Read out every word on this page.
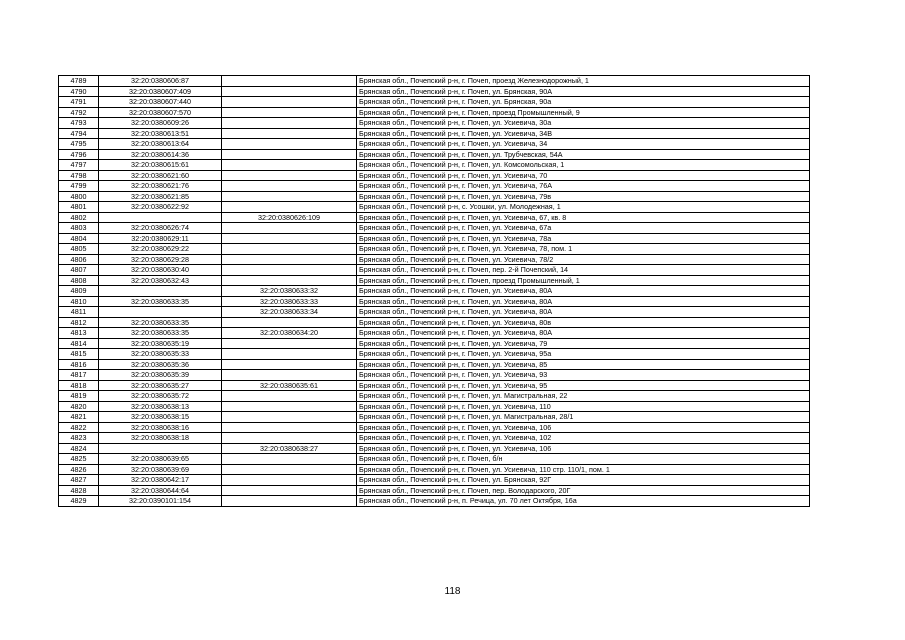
4789	32:20:0380606:87		Брянская обл., Почепский р-н, г. Почеп, проезд Железнодорожный, 1
4790	32:20:0380607:409		Брянская обл., Почепский р-н, г. Почеп, ул. Брянская, 90А
4791	32:20:0380607:440		Брянская обл., Почепский р-н, г. Почеп, ул. Брянская, 90а
4792	32:20:0380607:570		Брянская обл., Почепский р-н, г. Почеп, проезд Промышленный, 9
4793	32:20:0380609:26		Брянская обл., Почепский р-н, г. Почеп, ул. Усиевича, 30а
4794	32:20:0380613:51		Брянская обл., Почепский р-н, г. Почеп, ул. Усиевича, 34В
4795	32:20:0380613:64		Брянская обл., Почепский р-н, г. Почеп, ул. Усиевича, 34
4796	32:20:0380614:36		Брянская обл., Почепский р-н, г. Почеп, ул. Трубчевская, 54А
4797	32:20:0380615:61		Брянская обл., Почепский р-н, г. Почеп, ул. Комсомольская, 1
4798	32:20:0380621:60		Брянская обл., Почепский р-н, г. Почеп, ул. Усиевича, 70
4799	32:20:0380621:76		Брянская обл., Почепский р-н, г. Почеп, ул. Усиевича, 76А
4800	32:20:0380621:85		Брянская обл., Почепский р-н, г. Почеп, ул. Усиевича, 79в
4801	32:20:0380622:92		Брянская обл., Почепский р-н, с. Усошки, ул. Молодежная, 1
4802		32:20:0380626:109	Брянская обл., Почепский р-н, г. Почеп, ул. Усиевича, 67, кв. 8
4803	32:20:0380626:74		Брянская обл., Почепский р-н, г. Почеп, ул. Усиевича, 67а
4804	32:20:0380629:11		Брянская обл., Почепский р-н, г. Почеп, ул. Усиевича, 78а
4805	32:20:0380629:22		Брянская обл., Почепский р-н, г. Почеп, ул. Усиевича, 78, пом. 1
4806	32:20:0380629:28		Брянская обл., Почепский р-н, г. Почеп, ул. Усиевича, 78/2
4807	32:20:0380630:40		Брянская обл., Почепский р-н, г. Почеп, пер. 2-й Почепский, 14
4808	32:20:0380632:43		Брянская обл., Почепский р-н, г. Почеп, проезд Промышленный, 1
4809		32:20:0380633:32	Брянская обл., Почепский р-н, г. Почеп, ул. Усиевича, 80А
4810	32:20:0380633:35	32:20:0380633:33	Брянская обл., Почепский р-н, г. Почеп, ул. Усиевича, 80А
4811		32:20:0380633:34	Брянская обл., Почепский р-н, г. Почеп, ул. Усиевича, 80А
4812	32:20:0380633:35		Брянская обл., Почепский р-н, г. Почеп, ул. Усиевича, 80в
4813	32:20:0380633:35	32:20:0380634:20	Брянская обл., Почепский р-н, г. Почеп, ул. Усиевича, 80А
4814	32:20:0380635:19		Брянская обл., Почепский р-н, г. Почеп, ул. Усиевича, 79
4815	32:20:0380635:33		Брянская обл., Почепский р-н, г. Почеп, ул. Усиевича, 95а
4816	32:20:0380635:36		Брянская обл., Почепский р-н, г. Почеп, ул. Усиевича, 85
4817	32:20:0380635:39		Брянская обл., Почепский р-н, г. Почеп, ул. Усиевича, 93
4818	32:20:0380635:27	32:20:0380635:61	Брянская обл., Почепский р-н, г. Почеп, ул. Усиевича, 95
4819	32:20:0380635:72		Брянская обл., Почепский р-н, г. Почеп, ул. Магистральная, 22
4820	32:20:0380638:13		Брянская обл., Почепский р-н, г. Почеп, ул. Усиевича, 110
4821	32:20:0380638:15		Брянская обл., Почепский р-н, г. Почеп, ул. Магистральная, 28/1
4822	32:20:0380638:16		Брянская обл., Почепский р-н, г. Почеп, ул. Усиевича, 106
4823	32:20:0380638:18		Брянская обл., Почепский р-н, г. Почеп, ул. Усиевича, 102
4824		32:20:0380638:27	Брянская обл., Почепский р-н, г. Почеп, ул. Усиевича, 106
4825	32:20:0380639:65		Брянская обл., Почепский р-н, г. Почеп, б/н
4826	32:20:0380639:69		Брянская обл., Почепский р-н, г. Почеп, ул. Усиевича, 110 стр. 110/1, пом. 1
4827	32:20:0380642:17		Брянская обл., Почепский р-н, г. Почеп, ул. Брянская, 92Г
4828	32:20:0380644:64		Брянская обл., Почепский р-н, г. Почеп, пер. Володарского, 20Г
4829	32:20:0390101:154		Брянская обл., Почепский р-н, п. Речица, ул. 70 лет Октября, 16а
118
